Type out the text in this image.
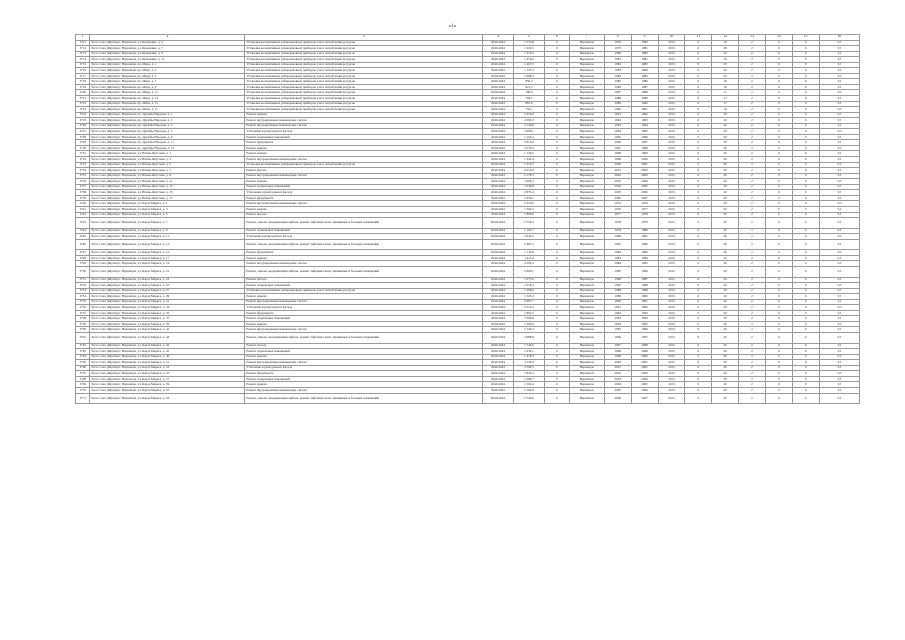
«1»
1	2	3	4	5	6	7	8	9	10	11	12	13	14	15	16
3711	Респ. Саха (Якутия) г. Нерюнгри, ул. Кравченко, д. 5	Установка коллективных (общедомовых) приборов учета потребления ресурсов	2040-2044	1 576,8	0	Нерюнгри	1976	1982	2013	0	19	2	0	0	3,5
3712	Респ. Саха (Якутия) г. Нерюнгри, ул. Кравченко, д. 7	Установка коллективных (общедомовых) приборов учета потребления ресурсов	2040-2044	1 220,5	0	Нерюнгри	1979	1981	2013	0	28	2	0	0	3,5
3713	Респ. Саха (Якутия) г. Нерюнгри, ул. Кравченко, д. 9	Установка коллективных (общедомовых) приборов учета потребления ресурсов	2040-2044	1 316,3	0	Нерюнгри	1980	1980	2013	0	23	2	0	0	3,5
3714	Респ. Саха (Якутия) г. Нерюнгри, ул. Кравченко, д. 11	Установка коллективных (общедомовых) приборов учета потребления ресурсов	2040-2044	1 479,0	0	Нерюнгри	1981	1981	2013	0	24	2	0	0	3,5
3715	Респ. Саха (Якутия) г. Нерюнгри, пр. Мира, д. 1	Установка коллективных (общедомовых) приборов учета потребления ресурсов	2040-2044	1 467,5	0	Нерюнгри	1982	1983	2013	0	25	2	0	0	3,5
3716	Респ. Саха (Якутия) г. Нерюнгри, пр. Мира, д. 3	Установка коллективных (общедомовых) приборов учета потребления ресурсов	2040-2044	1 125,3	0	Нерюнгри	1983	1984	2013	0	22	2	0	0	3,5
3717	Респ. Саха (Якутия) г. Нерюнгри, пр. Мира, д. 5	Установка коллективных (общедомовых) приборов учета потребления ресурсов	2040-2044	1 088,4	0	Нерюнгри	1984	1985	2013	0	22	2	0	0	3,5
3718	Респ. Саха (Якутия) г. Нерюнгри, пр. Мира, д. 7	Установка коллективных (общедомовых) приборов учета потребления ресурсов	2040-2044	856,2	0	Нерюнгри	1985	1986	2013	0	18	2	0	0	3,5
3719	Респ. Саха (Якутия) г. Нерюнгри, пр. Мира, д. 9	Установка коллективных (общедомовых) приборов учета потребления ресурсов	2040-2044	821,3	0	Нерюнгри	1986	1987	2013	0	18	2	0	0	3,5
3720	Респ. Саха (Якутия) г. Нерюнгри, пр. Мира, д. 11	Установка коллективных (общедомовых) приборов учета потребления ресурсов	2040-2044	790,4	0	Нерюнгри	1987	1988	2013	0	17	2	0	0	3,5
3721	Респ. Саха (Якутия) г. Нерюнгри, пр. Мира, д. 13	Установка коллективных (общедомовых) приборов учета потребления ресурсов	2040-2044	794,7	0	Нерюнгри	1988	1989	2013	0	17	2	0	0	3,5
3722	Респ. Саха (Якутия) г. Нерюнгри, пр. Мира, д. 15	Установка коллективных (общедомовых) приборов учета потребления ресурсов	2040-2044	801,9	0	Нерюнгри	1989	1990	2013	0	17	2	0	0	3,5
3723	Респ. Саха (Якутия) г. Нерюнгри, пр. Мира, д. 17	Установка коллективных (общедомовых) приборов учета потребления ресурсов	2040-2044	755,1	0	Нерюнгри	1990	1991	2013	0	16	2	0	0	3,5
3724	Респ. Саха (Якутия) г. Нерюнгри, пр. Дружбы Народов, д. 1	Ремонт крыши	2040-2044	2 410,6	0	Нерюнгри	1991	1992	2013	0	20	2	0	0	3,5
3725	Респ. Саха (Якутия) г. Нерюнгри, пр. Дружбы Народов, д. 3	Ремонт внутридомовых инженерных систем	2040-2044	2 090,3	0	Нерюнгри	1992	1993	2013	0	20	2	0	0	3,5
3726	Респ. Саха (Якутия) г. Нерюнгри, пр. Дружбы Народов, д. 5	Ремонт внутридомовых инженерных систем	2040-2044	2 145,8	0	Нерюнгри	1993	1994	2013	0	20	2	0	0	3,5
3727	Респ. Саха (Якутия) г. Нерюнгри, пр. Дружбы Народов, д. 7	Утепление и (или) ремонт фасада	2040-2044	3 068,1	0	Нерюнгри	1994	1995	2013	0	20	2	0	0	3,5
3728	Респ. Саха (Якутия) г. Нерюнгри, пр. Дружбы Народов, д. 9	Ремонт подвальных помещений	2040-2044	1 154,2	0	Нерюнгри	1995	1996	2013	0	20	2	0	0	3,5
3729	Респ. Саха (Якутия) г. Нерюнгри, пр. Дружбы Народов, д. 11	Ремонт фундамента	2040-2044	2 012,6	0	Нерюнгри	1996	1997	2013	0	20	2	0	0	3,5
3730	Респ. Саха (Якутия) г. Нерюнгри, пр. Дружбы Народов, д. 13	Ремонт крыши	2040-2044	2 533,0	0	Нерюнгри	1997	1998	2013	0	20	2	0	0	3,5
3731	Респ. Саха (Якутия) г. Нерюнгри, ул. Южно-Якутская, д. 1	Ремонт крыши	2040-2044	1 120,5	0	Нерюнгри	1998	1999	2013	0	20	2	0	0	3,5
3732	Респ. Саха (Якутия) г. Нерюнгри, ул. Южно-Якутская, д. 3	Ремонт внутридомовых инженерных систем	2040-2044	1 342,4	0	Нерюнгри	1999	2000	2013	0	20	2	0	0	3,5
3733	Респ. Саха (Якутия) г. Нерюнгри, ул. Южно-Якутская, д. 5	Установка коллективных (общедомовых) приборов учета потребления ресурсов	2040-2044	1 210,7	0	Нерюнгри	2000	2001	2013	0	20	2	0	0	3,5
3734	Респ. Саха (Якутия) г. Нерюнгри, ул. Южно-Якутская, д. 7	Ремонт фасада	2040-2044	2 015,9	0	Нерюнгри	2001	2002	2013	0	20	2	0	0	3,5
3735	Респ. Саха (Якутия) г. Нерюнгри, ул. Южно-Якутская, д. 9	Ремонт внутридомовых инженерных систем	2040-2044	2 178,3	0	Нерюнгри	2002	2003	2013	0	20	2	0	0	3,5
3736	Респ. Саха (Якутия) г. Нерюнгри, ул. Южно-Якутская, д. 11	Ремонт крыши	2040-2044	1 985,2	0	Нерюнгри	2003	2004	2013	0	20	2	0	0	3,5
3737	Респ. Саха (Якутия) г. Нерюнгри, ул. Южно-Якутская, д. 13	Ремонт подвальных помещений	2040-2044	1 045,8	0	Нерюнгри	2004	2005	2013	0	20	2	0	0	3,5
3738	Респ. Саха (Якутия) г. Нерюнгри, ул. Южно-Якутская, д. 15	Утепление и (или) ремонт фасада	2040-2044	2 870,4	0	Нерюнгри	2005	2006	2013	0	20	2	0	0	3,5
3739	Респ. Саха (Якутия) г. Нерюнгри, ул. Южно-Якутская, д. 17	Ремонт фундамента	2040-2044	1 950,1	0	Нерюнгри	2006	2007	2013	0	20	2	0	0	3,5
3740	Респ. Саха (Якутия) г. Нерюнгри, ул. Карла Маркса, д. 1	Ремонт внутридомовых инженерных систем	2040-2044	2 310,9	0	Нерюнгри	1975	1976	2013	0	20	2	0	0	3,5
3741	Респ. Саха (Якутия) г. Нерюнгри, ул. Карла Маркса, д. 3	Ремонт крыши	2040-2044	1 564,3	0	Нерюнгри	1976	1977	2013	0	20	2	0	0	3,5
3742	Респ. Саха (Якутия) г. Нерюнгри, ул. Карла Маркса, д. 5	Ремонт фасада	2040-2044	1 890,6	0	Нерюнгри	1977	1978	2013	0	20	2	0	0	3,5
3743	Респ. Саха (Якутия) г. Нерюнгри, ул. Карла Маркса, д. 7	Ремонт, замена, модернизация лифтов, ремонт лифтовых шахт, машинных и блочных помещений	2040-2044	2 754,0	0	Нерюнгри	1978	1979	2013	0	20	2	0	0	3,5
3744	Респ. Саха (Якутия) г. Нерюнгри, ул. Карла Маркса, д. 9	Ремонт подвальных помещений	2040-2044	1 102,7	0	Нерюнгри	1979	1980	2013	0	20	2	0	0	3,5
3745	Респ. Саха (Якутия) г. Нерюнгри, ул. Карла Маркса, д. 11	Утепление и (или) ремонт фасада	2040-2044	2 640,2	0	Нерюнгри	1980	1981	2013	0	20	2	0	0	3,5
3746	Респ. Саха (Якутия) г. Нерюнгри, ул. Карла Маркса, д. 13	Ремонт, замена, модернизация лифтов, ремонт лифтовых шахт, машинных и блочных помещений	2040-2044	2 481,5	0	Нерюнгри	1981	1982	2013	0	20	2	0	0	3,5
3747	Респ. Саха (Якутия) г. Нерюнгри, ул. Карла Маркса, д. 15	Ремонт фундамента	2040-2044	1 733,8	0	Нерюнгри	1982	1983	2013	0	20	2	0	0	3,5
3748	Респ. Саха (Якутия) г. Нерюнгри, ул. Карла Маркса, д. 17	Ремонт крыши	2040-2044	1 411,9	0	Нерюнгри	1983	1984	2013	0	20	2	0	0	3,5
3749	Респ. Саха (Якутия) г. Нерюнгри, ул. Карла Маркса, д. 19	Ремонт внутридомовых инженерных систем	2040-2044	2 205,4	0	Нерюнгри	1984	1985	2013	0	20	2	0	0	3,5
3750	Респ. Саха (Якутия) г. Нерюнгри, ул. Карла Маркса, д. 21	Ремонт, замена, модернизация лифтов, ремонт лифтовых шахт, машинных и блочных помещений	2040-2044	2 906,1	0	Нерюнгри	1985	1986	2013	0	20	2	0	0	3,5
3751	Респ. Саха (Якутия) г. Нерюнгри, ул. Карла Маркса, д. 23	Ремонт фасада	2040-2044	1 675,0	0	Нерюнгри	1986	1987	2013	0	20	2	0	0	3,5
3752	Респ. Саха (Якутия) г. Нерюнгри, ул. Карла Маркса, д. 25	Ремонт подвальных помещений	2040-2044	1 018,3	0	Нерюнгри	1987	1988	2013	0	20	2	0	0	3,5
3753	Респ. Саха (Якутия) г. Нерюнгри, ул. Карла Маркса, д. 27	Установка коллективных (общедомовых) приборов учета потребления ресурсов	2040-2044	1 298,6	0	Нерюнгри	1988	1989	2013	0	20	2	0	0	3,5
3754	Респ. Саха (Якутия) г. Нерюнгри, ул. Карла Маркса, д. 29	Ремонт крыши	2040-2044	1 520,2	0	Нерюнгри	1989	1990	2013	0	20	2	0	0	3,5
3755	Респ. Саха (Якутия) г. Нерюнгри, ул. Карла Маркса, д. 31	Ремонт внутридомовых инженерных систем	2040-2044	2 087,7	0	Нерюнгри	1990	1991	2013	0	20	2	0	0	3,5
3756	Респ. Саха (Якутия) г. Нерюнгри, ул. Карла Маркса, д. 33	Утепление и (или) ремонт фасада	2040-2044	2 512,4	0	Нерюнгри	1991	1992	2013	0	20	2	0	0	3,5
3757	Респ. Саха (Якутия) г. Нерюнгри, ул. Карла Маркса, д. 35	Ремонт фундамента	2040-2044	1 801,5	0	Нерюнгри	1992	1993	2013	0	20	2	0	0	3,5
3758	Респ. Саха (Якутия) г. Нерюнгри, ул. Карла Маркса, д. 37	Ремонт подвальных помещений	2040-2044	1 066,9	0	Нерюнгри	1993	1994	2013	0	20	2	0	0	3,5
3759	Респ. Саха (Якутия) г. Нерюнгри, ул. Карла Маркса, д. 39	Ремонт крыши	2040-2044	1 395,0	0	Нерюнгри	1994	1995	2013	0	20	2	0	0	3,5
3760	Респ. Саха (Якутия) г. Нерюнгри, ул. Карла Маркса, д. 41	Ремонт внутридомовых инженерных систем	2040-2044	2 140,3	0	Нерюнгри	1995	1996	2013	0	20	2	0	0	3,5
3761	Респ. Саха (Якутия) г. Нерюнгри, ул. Карла Маркса, д. 43	Ремонт, замена, модернизация лифтов, ремонт лифтовых шахт, машинных и блочных помещений	2040-2044	2 688,8	0	Нерюнгри	1996	1997	2013	0	20	2	0	0	3,5
3762	Респ. Саха (Якутия) г. Нерюнгри, ул. Карла Маркса, д. 45	Ремонт фасада	2040-2044	1 744,6	0	Нерюнгри	1997	1998	2013	0	20	2	0	0	3,5
3763	Респ. Саха (Якутия) г. Нерюнгри, ул. Карла Маркса, д. 47	Ремонт подвальных помещений	2040-2044	1 034,1	0	Нерюнгри	1998	1999	2013	0	20	2	0	0	3,5
3764	Респ. Саха (Якутия) г. Нерюнгри, ул. Карла Маркса, д. 49	Ремонт крыши	2040-2044	1 478,2	0	Нерюнгри	1999	2000	2013	0	20	2	0	0	3,5
3765	Респ. Саха (Якутия) г. Нерюнгри, ул. Карла Маркса, д. 51	Ремонт внутридомовых инженерных систем	2040-2044	2 118,0	0	Нерюнгри	2000	2001	2013	0	20	2	0	0	3,5
3766	Респ. Саха (Якутия) г. Нерюнгри, ул. Карла Маркса, д. 53	Утепление и (или) ремонт фасада	2040-2044	2 590,5	0	Нерюнгри	2001	2002	2013	0	20	2	0	0	3,5
3767	Респ. Саха (Якутия) г. Нерюнгри, ул. Карла Маркса, д. 55	Ремонт фундамента	2040-2044	1 826,3	0	Нерюнгри	2002	2003	2013	0	20	2	0	0	3,5
3768	Респ. Саха (Якутия) г. Нерюнгри, ул. Карла Маркса, д. 57	Ремонт подвальных помещений	2040-2044	1 089,7	0	Нерюнгри	2003	2004	2013	0	20	2	0	0	3,5
3769	Респ. Саха (Якутия) г. Нерюнгри, ул. Карла Маркса, д. 59	Ремонт крыши	2040-2044	1 502,4	0	Нерюнгри	2004	2005	2013	0	20	2	0	0	3,5
3770	Респ. Саха (Якутия) г. Нерюнгри, ул. Карла Маркса, д. 61	Ремонт внутридомовых инженерных систем	2040-2044	2 160,9	0	Нерюнгри	2005	2006	2013	0	20	2	0	0	3,5
3771	Респ. Саха (Якутия) г. Нерюнгри, ул. Карла Маркса, д. 63	Ремонт, замена, модернизация лифтов, ремонт лифтовых шахт, машинных и блочных помещений	2040-2044	2 734,6	0	Нерюнгри	2006	2007	2013	0	20	2	0	0	3,5
